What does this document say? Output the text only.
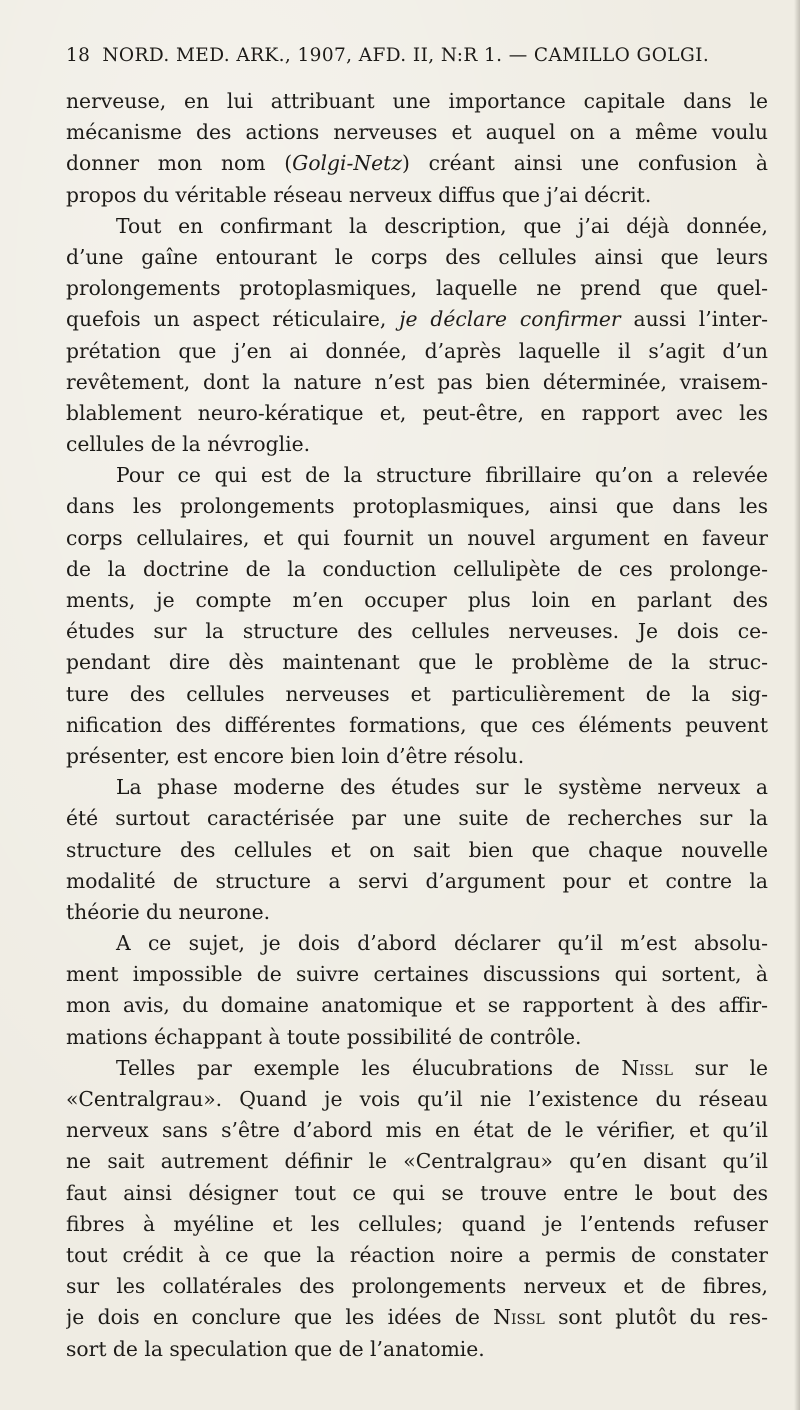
18 NORD. MED. ARK., 1907, AFD. II, N:R 1. — CAMILLO GOLGI.
nerveuse, en lui attribuant une importance capitale dans le
mécanisme des actions nerveuses et auquel on a même voulu
donner mon nom (Golgi-Netz) créant ainsi une confusion à
propos du véritable réseau nerveux diffus que j’ai décrit.
Tout en confirmant la description, que j’ai déjà donnée,
d’une gaîne entourant le corps des cellules ainsi que leurs
prolongements protoplasmiques, laquelle ne prend que quel-
quefois un aspect réticulaire, je déclare confirmer aussi l’inter-
prétation que j’en ai donnée, d’après laquelle il s’agit d’un
revêtement, dont la nature n’est pas bien déterminée, vraisem-
blablement neuro-kératique et, peut-être, en rapport avec les
cellules de la névroglie.
Pour ce qui est de la structure fibrillaire qu’on a relevée
dans les prolongements protoplasmiques, ainsi que dans les
corps cellulaires, et qui fournit un nouvel argument en faveur
de la doctrine de la conduction cellulipète de ces prolonge-
ments, je compte m’en occuper plus loin en parlant des
études sur la structure des cellules nerveuses. Je dois ce-
pendant dire dès maintenant que le problème de la struc-
ture des cellules nerveuses et particulièrement de la sig-
nification des différentes formations, que ces éléments peuvent
présenter, est encore bien loin d’être résolu.
La phase moderne des études sur le système nerveux a
été surtout caractérisée par une suite de recherches sur la
structure des cellules et on sait bien que chaque nouvelle
modalité de structure a servi d’argument pour et contre la
théorie du neurone.
A ce sujet, je dois d’abord déclarer qu’il m’est absolu-
ment impossible de suivre certaines discussions qui sortent, à
mon avis, du domaine anatomique et se rapportent à des affir-
mations échappant à toute possibilité de contrôle.
Telles par exemple les élucubrations de Nissl sur le
«Centralgrau». Quand je vois qu’il nie l’existence du réseau
nerveux sans s’être d’abord mis en état de le vérifier, et qu’il
ne sait autrement définir le «Centralgrau» qu’en disant qu’il
faut ainsi désigner tout ce qui se trouve entre le bout des
fibres à myéline et les cellules; quand je l’entends refuser
tout crédit à ce que la réaction noire a permis de constater
sur les collatérales des prolongements nerveux et de fibres,
je dois en conclure que les idées de Nissl sont plutôt du res-
sort de la speculation que de l’anatomie.
